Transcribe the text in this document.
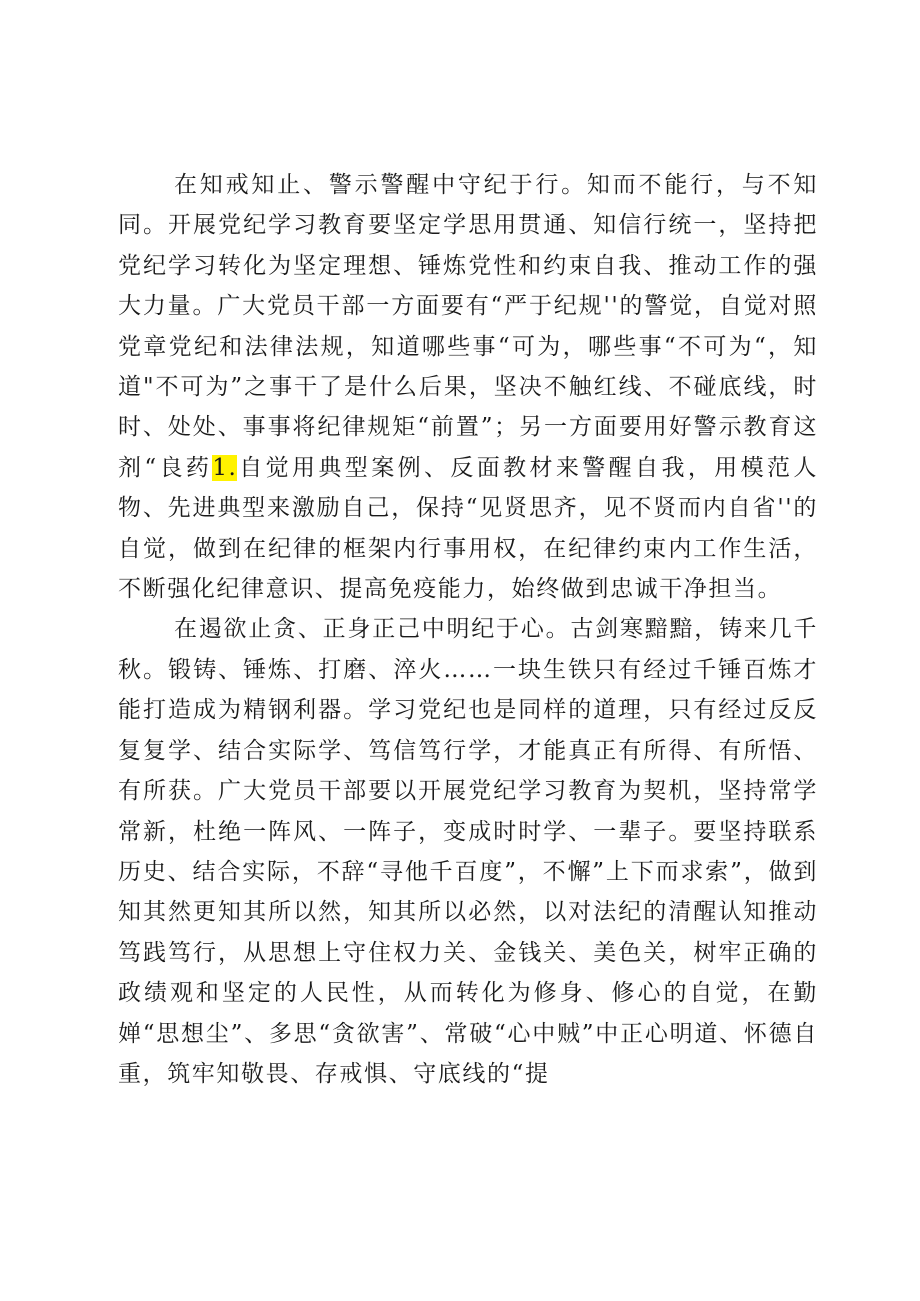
在知戒知止、警示警醒中守纪于行。知而不能行，与不知同。开展党纪学习教育要坚定学思用贯通、知信行统一，坚持把党纪学习转化为坚定理想、锤炼党性和约束自我、推动工作的强大力量。广大党员干部一方面要有“严于纪规''的警觉，自觉对照党章党纪和法律法规，知道哪些事“可为，哪些事“不可为“，知道"不可为”之事干了是什么后果，坚决不触红线、不碰底线，时时、处处、事事将纪律规矩“前置”；另一方面要用好警示教育这剂“良药1.自觉用典型案例、反面教材来警醒自我，用模范人物、先进典型来激励自己，保持“见贤思齐，见不贤而内自省''的自觉，做到在纪律的框架内行事用权，在纪律约束内工作生活，不断强化纪律意识、提高免疫能力，始终做到忠诚干净担当。

在遏欲止贪、正身正己中明纪于心。古剑寒黯黯，铸来几千秋。锻铸、锤炼、打磨、淬火……一块生铁只有经过千锤百炼才能打造成为精钢利器。学习党纪也是同样的道理，只有经过反反复复学、结合实际学、笃信笃行学，才能真正有所得、有所悟、有所获。广大党员干部要以开展党纪学习教育为契机，坚持常学常新，杜绝一阵风、一阵子，变成时时学、一辈子。要坚持联系历史、结合实际，不辞“寻他千百度”，不懈”上下而求索”，做到知其然更知其所以然，知其所以必然，以对法纪的清醒认知推动笃践笃行，从思想上守住权力关、金钱关、美色关，树牢正确的政绩观和坚定的人民性，从而转化为修身、修心的自觉，在勤婵“思想尘”、多思“贪欲害”、常破“心中贼”中正心明道、怀德自重，筑牢知敬畏、存戒惧、守底线的“提
